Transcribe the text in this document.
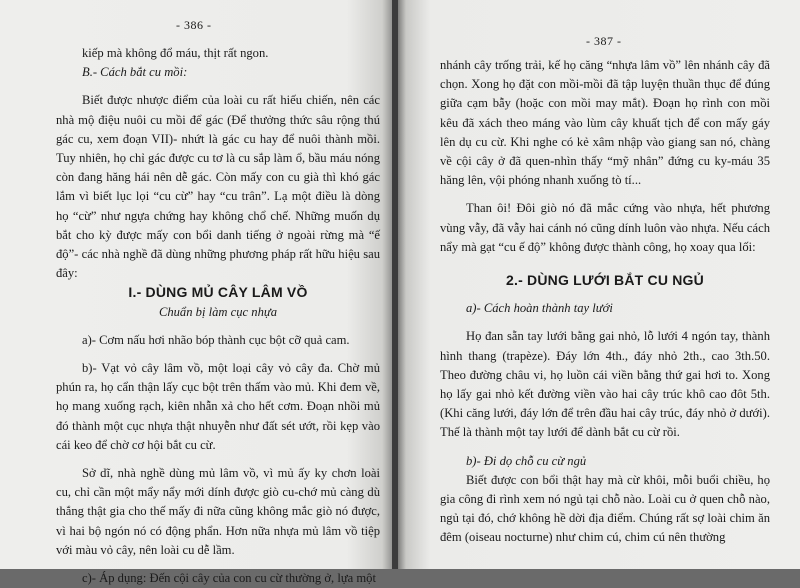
- 386 -

kiếp mà không đổ máu, thịt rất ngon.

B.- Cách bắt cu mồi:

Biết được nhược điểm của loài cu rất hiếu chiến, nên các nhà mộ điệu nuôi cu mồi để gác (Để thưởng thức sâu rộng thú gác cu, xem đoạn VII)- nhứt là gác cu hay để nuôi thành mồi. Tuy nhiên, họ chỉ gác được cu tơ là cu sắp làm ổ, bầu máu nóng còn đang hăng hái nên dễ gác. Còn mấy con cu già thì khó gác lắm vì biết lục lọi “cu cừ” hay “cu trân”. Lạ một điều là dòng họ “cừ” như ngựa chứng hay không chổ chế. Những muốn dụ bắt cho kỳ được mấy con bổi danh tiếng ở ngoài rừng mà “ế độ”- các nhà nghề đã dùng những phương pháp rất hữu hiệu sau đây:

I.- DÙNG MỦ CÂY LÂM VỒ

Chuẩn bị làm cục nhựa

a)- Cơm nấu hơi nhão bóp thành cục bột cỡ quả cam.

b)- Vạt vỏ cây lâm vồ, một loại cây vỏ cây đa. Chờ mủ phún ra, họ cẩn thận lấy cục bột trên thấm vào mủ. Khi đem về, họ mang xuống rạch, kiên nhẫn xả cho hết cơm. Đoạn nhồi mủ đó thành một cục nhựa thật nhuyễn như đất sét ướt, rồi kẹp vào cái keo để chờ cơ hội bắt cu cừ.

Sở dĩ, nhà nghề dùng mủ lâm vồ, vì mủ ấy ky chơn loài cu, chỉ cần một mẩy nẩy mới dính được giò cu-chớ mủ càng dù thắng thật gia cho thế mấy đi nữa cũng không mắc giò nó được, vì hai bộ ngón nó có động phẩn. Hơn nữa nhựa mủ lâm vồ tiệp với màu vỏ cây, nên loài cu dễ lầm.

c)- Áp dụng: Đến cội cây của con cu cừ thường ở, lựa một

- 387 -

nhánh cây trống trải, kế họ căng “nhựa lâm vồ” lên nhánh cây đã chọn. Xong họ đặt con mồi-mồi đã tập luyện thuần thục để đúng giữa cạm bẫy (hoặc con mồi may mắt). Đoạn họ rình con mồi kêu đã xách theo máng vào lùm cây khuất tịch để con mấy gáy lên dụ cu cừ. Khi nghe có kẻ xâm nhập vào giang san nó, chàng về cội cây ở đã quen-nhìn thấy “mỹ nhân” đứng cu ky-máu 35 hăng lên, vội phóng nhanh xuống tò tí...

Than ôi! Đôi giò nó đã mắc cứng vào nhựa, hết phương vùng vẫy, đã vẫy hai cánh nó cũng dính luôn vào nhựa. Nếu cách nẩy mà gạt “cu ế độ” không được thành công, họ xoay qua lối:

2.- DÙNG LƯỚI BẮT CU NGỦ

a)- Cách hoàn thành tay lưới

Họ đan sẵn tay lưới bằng gai nhỏ, lỗ lưới 4 ngón tay, thành hình thang (trapèze). Đáy lớn 4th., đáy nhỏ 2th., cao 3th.50. Theo đường châu vi, họ luồn cái viền bằng thứ gai hơi to. Xong họ lấy gai nhỏ kết đường viền vào hai cây trúc khô cao đôt 5th. (Khi căng lưới, đáy lớn để trên đầu hai cây trúc, đáy nhỏ ở dưới). Thế là thành một tay lưới để dành bắt cu cừ rồi.

b)- Đi dọ chỗ cu cừ ngủ

Biết được con bổi thật hay mà cừ khôi, mỗi buổi chiều, họ gia công đi rình xem nó ngủ tại chỗ nào. Loài cu ở quen chỗ nào, ngủ tại đó, chớ không hề dời địa điểm. Chúng rất sợ loài chim ăn đêm (oiseau nocturne) như chim cú, chim cú nên thường
